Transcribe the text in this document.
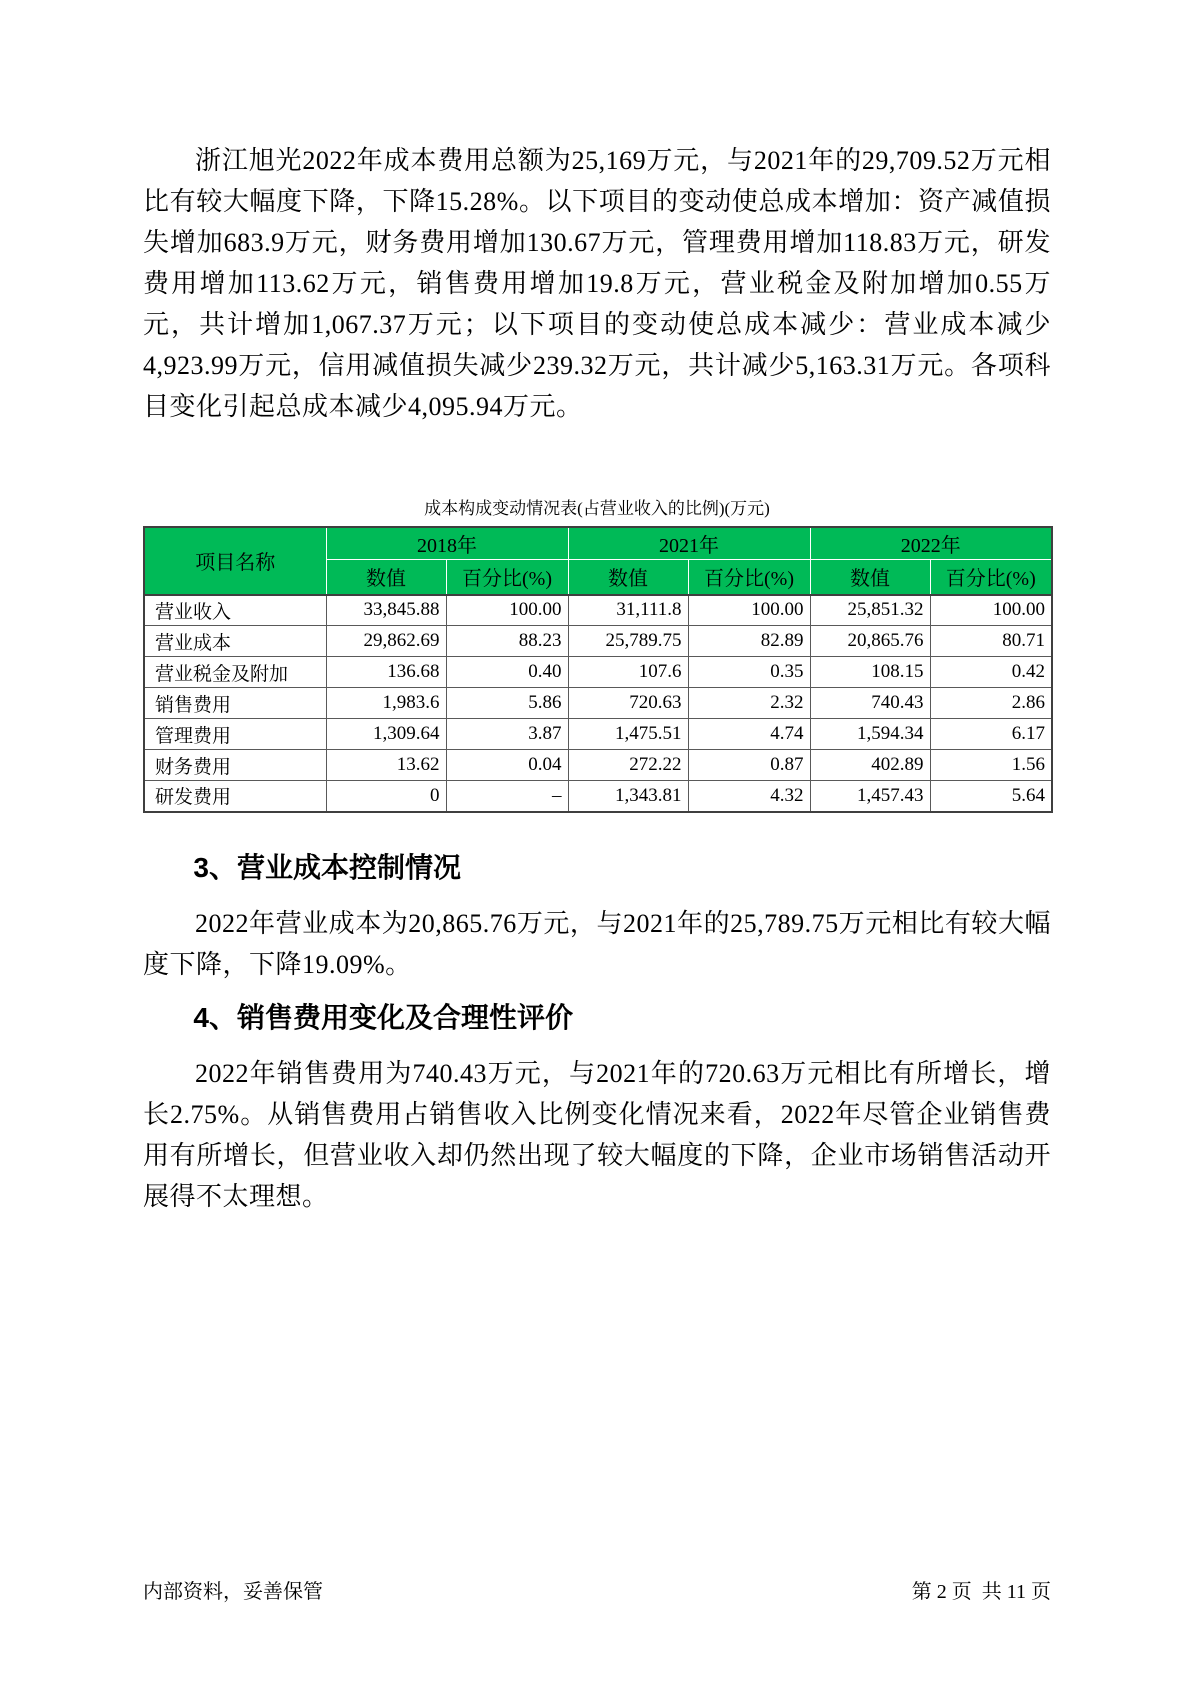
浙江旭光2022年成本费用总额为25,169万元，与2021年的29,709.52万元相比有较大幅度下降，下降15.28%。以下项目的变动使总成本增加：资产减值损失增加683.9万元，财务费用增加130.67万元，管理费用增加118.83万元，研发费用增加113.62万元，销售费用增加19.8万元，营业税金及附加增加0.55万元，共计增加1,067.37万元；以下项目的变动使总成本减少：营业成本减少4,923.99万元，信用减值损失减少239.32万元，共计减少5,163.31万元。各项科目变化引起总成本减少4,095.94万元。

成本构成变动情况表(占营业收入的比例)(万元)
项目名称	2018年		2021年		2022年	
	数值	百分比(%)	数值	百分比(%)	数值	百分比(%)
营业收入	33,845.88	100.00	31,111.8	100.00	25,851.32	100.00
营业成本	29,862.69	88.23	25,789.75	82.89	20,865.76	80.71
营业税金及附加	136.68	0.40	107.6	0.35	108.15	0.42
销售费用	1,983.6	5.86	720.63	2.32	740.43	2.86
管理费用	1,309.64	3.87	1,475.51	4.74	1,594.34	6.17
财务费用	13.62	0.04	272.22	0.87	402.89	1.56
研发费用	0	–	1,343.81	4.32	1,457.43	5.64
3、营业成本控制情况

2022年营业成本为20,865.76万元，与2021年的25,789.75万元相比有较大幅度下降，下降19.09%。

4、销售费用变化及合理性评价

2022年销售费用为740.43万元，与2021年的720.63万元相比有所增长，增长2.75%。从销售费用占销售收入比例变化情况来看，2022年尽管企业销售费用有所增长，但营业收入却仍然出现了较大幅度的下降，企业市场销售活动开展得不太理想。

内部资料，妥善保管	第 2 页  共 11 页
